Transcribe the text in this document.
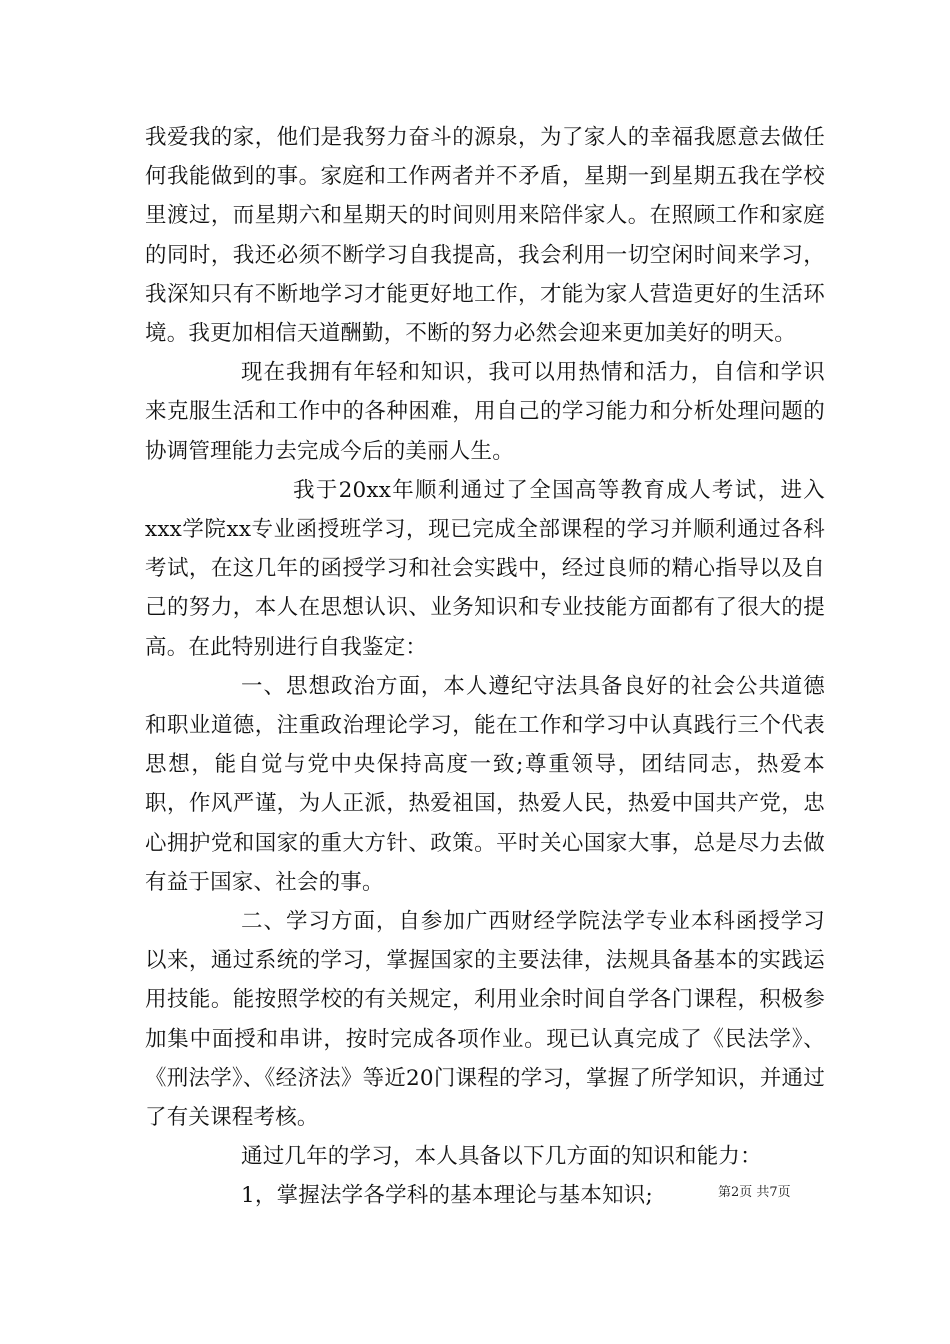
我爱我的家，他们是我努力奋斗的源泉，为了家人的幸福我愿意去做任何我能做到的事。家庭和工作两者并不矛盾，星期一到星期五我在学校里渡过，而星期六和星期天的时间则用来陪伴家人。在照顾工作和家庭的同时，我还必须不断学习自我提高，我会利用一切空闲时间来学习，我深知只有不断地学习才能更好地工作，才能为家人营造更好的生活环境。我更加相信天道酬勤，不断的努力必然会迎来更加美好的明天。

现在我拥有年轻和知识，我可以用热情和活力，自信和学识来克服生活和工作中的各种困难，用自己的学习能力和分析处理问题的协调管理能力去完成今后的美丽人生。

我于20xx年顺利通过了全国高等教育成人考试，进入xxx学院xx专业函授班学习，现已完成全部课程的学习并顺利通过各科考试，在这几年的函授学习和社会实践中，经过良师的精心指导以及自己的努力，本人在思想认识、业务知识和专业技能方面都有了很大的提高。在此特别进行自我鉴定：

一、思想政治方面，本人遵纪守法具备良好的社会公共道德和职业道德，注重政治理论学习，能在工作和学习中认真践行三个代表思想，能自觉与党中央保持高度一致;尊重领导，团结同志，热爱本职，作风严谨，为人正派，热爱祖国，热爱人民，热爱中国共产党，忠心拥护党和国家的重大方针、政策。平时关心国家大事，总是尽力去做有益于国家、社会的事。

二、学习方面，自参加广西财经学院法学专业本科函授学习以来，通过系统的学习，掌握国家的主要法律，法规具备基本的实践运用技能。能按照学校的有关规定，利用业余时间自学各门课程，积极参加集中面授和串讲，按时完成各项作业。现已认真完成了《民法学》、《刑法学》、《经济法》等近20门课程的学习，掌握了所学知识，并通过了有关课程考核。

通过几年的学习，本人具备以下几方面的知识和能力：

1，掌握法学各学科的基本理论与基本知识;	第2页 共7页
